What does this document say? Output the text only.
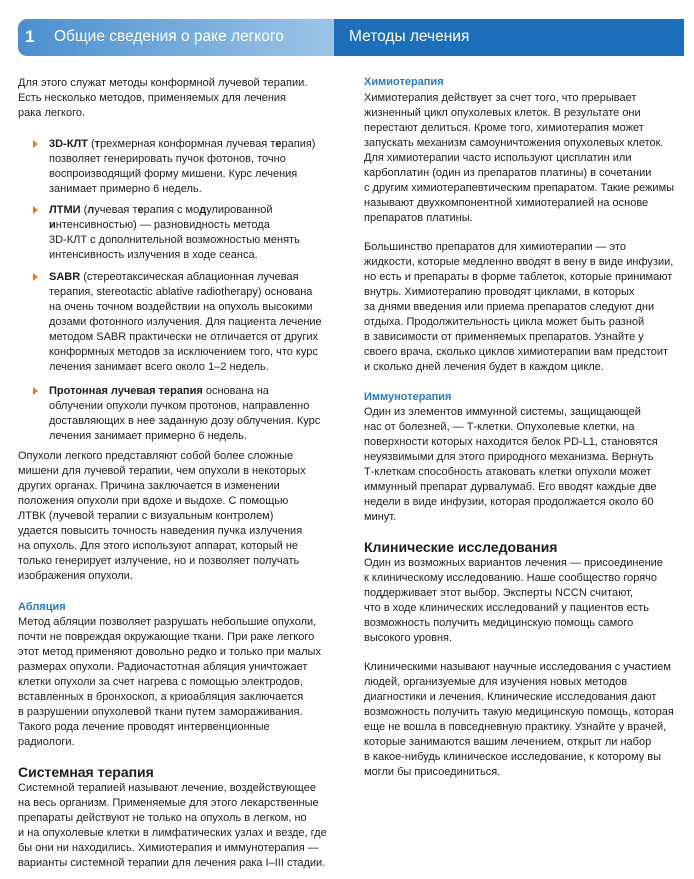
1 Общие сведения о раке легкого	Методы лечения
Для этого служат методы конформной лучевой терапии.
Есть несколько методов, применяемых для лечения
рака легкого.
3D-КЛТ (трехмерная конформная лучевая терапия)
позволяет генерировать пучок фотонов, точно
воспроизводящий форму мишени. Курс лечения
занимает примерно 6 недель.
ЛТМИ (лучевая терапия с модулированной
интенсивностью) — разновидность метода
3D-КЛТ с дополнительной возможностью менять
интенсивность излучения в ходе сеанса.
SABR (стереотаксическая аблационная лучевая
терапия, stereotactic ablative radiotherapy) основана
на очень точном воздействии на опухоль высокими
дозами фотонного излучения. Для пациента лечение
методом SABR практически не отличается от других
конформных методов за исключением того, что курс
лечения занимает всего около 1–2 недель.
Протонная лучевая терапия основана на
облучении опухоли пучком протонов, направленно
доставляющих в нее заданную дозу облучения. Курс
лечения занимает примерно 6 недель.
Опухоли легкого представляют собой более сложные
мишени для лучевой терапии, чем опухоли в некоторых
других органах. Причина заключается в изменении
положения опухоли при вдохе и выдохе. С помощью
ЛТВК (лучевой терапии с визуальным контролем)
удается повысить точность наведения пучка излучения
на опухоль. Для этого используют аппарат, который не
только генерирует излучение, но и позволяет получать
изображения опухоли.
Абляция
Метод абляции позволяет разрушать небольшие опухоли,
почти не повреждая окружающие ткани. При раке легкого
этот метод применяют довольно редко и только при малых
размерах опухоли. Радиочастотная абляция уничтожает
клетки опухоли за счет нагрева с помощью электродов,
вставленных в бронхоскоп, а криоабляция заключается
в разрушении опухолевой ткани путем замораживания.
Такого рода лечение проводят интервенционные
радиологи.
Системная терапия
Системной терапией называют лечение, воздействующее
на весь организм. Применяемые для этого лекарственные
препараты действуют не только на опухоль в легком, но
и на опухолевые клетки в лимфатических узлах и везде, где
бы они ни находились. Химиотерапия и иммунотерапия —
варианты системной терапии для лечения рака I–III стадии.
Химиотерапия
Химиотерапия действует за счет того, что прерывает
жизненный цикл опухолевых клеток. В результате они
перестают делиться. Кроме того, химиотерапия может
запускать механизм самоуничтожения опухолевых клеток.
Для химиотерапии часто используют цисплатин или
карбоплатин (один из препаратов платины) в сочетании
с другим химиотерапевтическим препаратом. Такие режимы
называют двухкомпонентной химиотерапией на основе
препаратов платины.
Большинство препаратов для химиотерапии — это
жидкости, которые медленно вводят в вену в виде инфузии,
но есть и препараты в форме таблеток, которые принимают
внутрь. Химиотерапию проводят циклами, в которых
за днями введения или приема препаратов следуют дни
отдыха. Продолжительность цикла может быть разной
в зависимости от применяемых препаратов. Узнайте у
своего врача, сколько циклов химиотерапии вам предстоит
и сколько дней лечения будет в каждом цикле.
Иммунотерапия
Один из элементов иммунной системы, защищающей
нас от болезней, — Т-клетки. Опухолевые клетки, на
поверхности которых находится белок PD-L1, становятся
неуязвимыми для этого природного механизма. Вернуть
Т-клеткам способность атаковать клетки опухоли может
иммунный препарат дурвалумаб. Его вводят каждые две
недели в виде инфузии, которая продолжается около 60
минут.
Клинические исследования
Один из возможных вариантов лечения — присоединение
к клиническому исследованию. Наше сообщество горячо
поддерживает этот выбор. Эксперты NCCN считают,
что в ходе клинических исследований у пациентов есть
возможность получить медицинскую помощь самого
высокого уровня.
Клиническими называют научные исследования с участием
людей, организуемые для изучения новых методов
диагностики и лечения. Клинические исследования дают
возможность получить такую медицинскую помощь, которая
еще не вошла в повседневную практику. Узнайте у врачей,
которые занимаются вашим лечением, открыт ли набор
в какое-нибудь клиническое исследование, к которому вы
могли бы присоединиться.
